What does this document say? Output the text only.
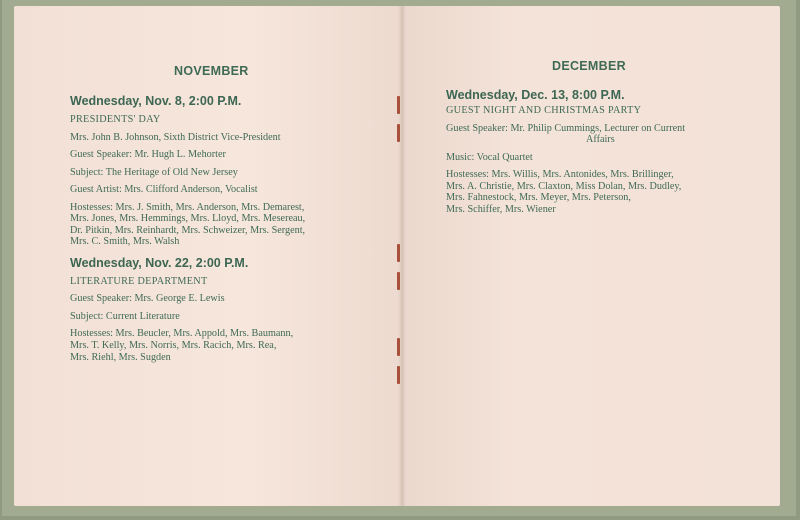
NOVEMBER
Wednesday, Nov. 8, 2:00 P.M.
PRESIDENTS' DAY
Mrs. John B. Johnson, Sixth District Vice-President
Guest Speaker: Mr. Hugh L. Mehorter
Subject: The Heritage of Old New Jersey
Guest Artist: Mrs. Clifford Anderson, Vocalist
Hostesses: Mrs. J. Smith, Mrs. Anderson, Mrs. Demarest,
Mrs. Jones, Mrs. Hemmings, Mrs. Lloyd, Mrs. Mesereau,
Dr. Pitkin, Mrs. Reinhardt, Mrs. Schweizer, Mrs. Sergent,
Mrs. C. Smith, Mrs. Walsh
Wednesday, Nov. 22, 2:00 P.M.
LITERATURE DEPARTMENT
Guest Speaker: Mrs. George E. Lewis
Subject: Current Literature
Hostesses: Mrs. Beucler, Mrs. Appold, Mrs. Baumann,
Mrs. T. Kelly, Mrs. Norris, Mrs. Racich, Mrs. Rea,
Mrs. Riehl, Mrs. Sugden
DECEMBER
Wednesday, Dec. 13, 8:00 P.M.
GUEST NIGHT AND CHRISTMAS PARTY
Guest Speaker: Mr. Philip Cummings, Lecturer on Current
Affairs
Music: Vocal Quartet
Hostesses: Mrs. Willis, Mrs. Antonides, Mrs. Brillinger,
Mrs. A. Christie, Mrs. Claxton, Miss Dolan, Mrs. Dudley,
Mrs. Fahnestock, Mrs. Meyer, Mrs. Peterson,
Mrs. Schiffer, Mrs. Wiener
